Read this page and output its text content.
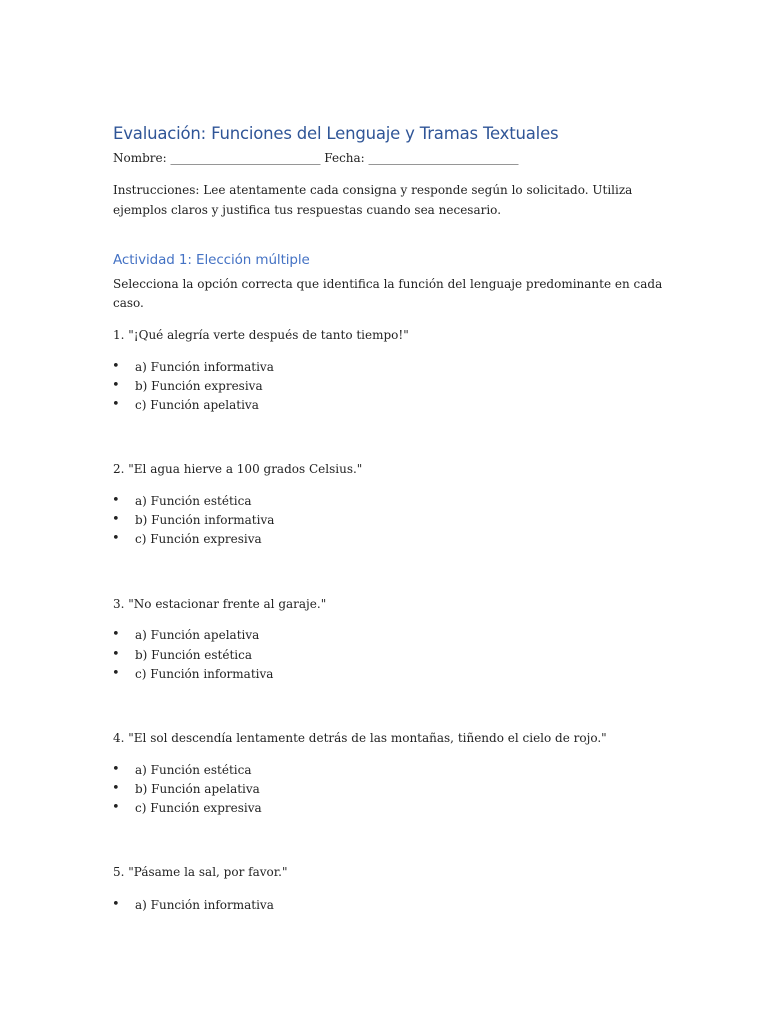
Evaluación: Funciones del Lenguaje y Tramas Textuales
Nombre: _________________________ Fecha: _________________________
Instrucciones: Lee atentamente cada consigna y responde según lo solicitado. Utiliza
ejemplos claros y justifica tus respuestas cuando sea necesario.
Actividad 1: Elección múltiple
Selecciona la opción correcta que identifica la función del lenguaje predominante en cada
caso.
1. "¡Qué alegría verte después de tanto tiempo!"
• a) Función informativa
• b) Función expresiva
• c) Función apelativa
2. "El agua hierve a 100 grados Celsius."
• a) Función estética
• b) Función informativa
• c) Función expresiva
3. "No estacionar frente al garaje."
• a) Función apelativa
• b) Función estética
• c) Función informativa
4. "El sol descendía lentamente detrás de las montañas, tiñendo el cielo de rojo."
• a) Función estética
• b) Función apelativa
• c) Función expresiva
5. "Pásame la sal, por favor."
• a) Función informativa
